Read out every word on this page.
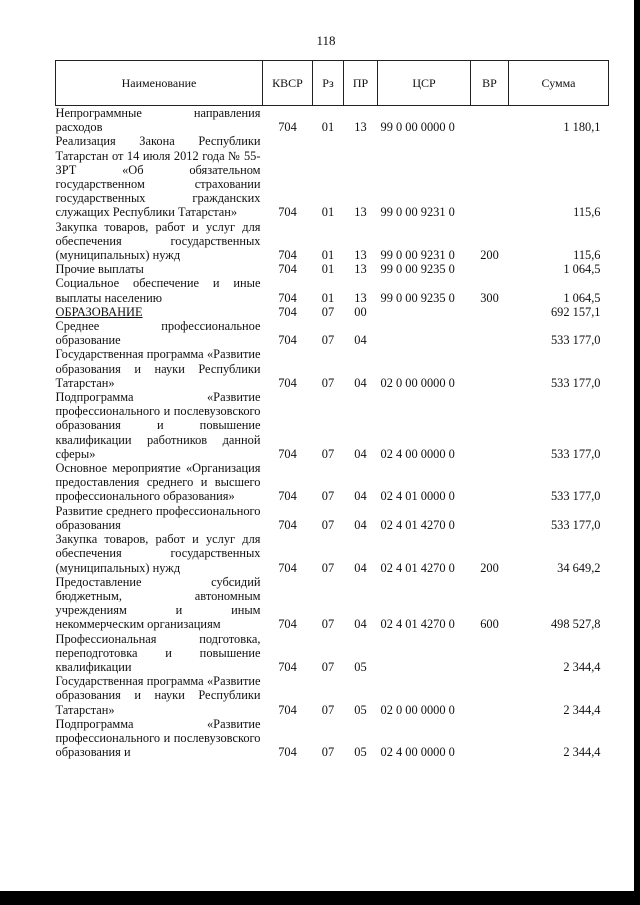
118
Наименование	КВСР	Рз	ПР	ЦСР	ВР	Сумма
Непрограммные направления расходов	704	01	13	99 0 00 0000 0		1 180,1
Реализация Закона Республики Татарстан от 14 июля 2012 года № 55-ЗРТ «Об обязательном государственном страховании государственных гражданских служащих Республики Татарстан»	704	01	13	99 0 00 9231 0		115,6
Закупка товаров, работ и услуг для обеспечения государственных (муниципальных) нужд	704	01	13	99 0 00 9231 0	200	115,6
Прочие выплаты	704	01	13	99 0 00 9235 0		1 064,5
Социальное обеспечение и иные выплаты населению	704	01	13	99 0 00 9235 0	300	1 064,5
ОБРАЗОВАНИЕ	704	07	00			692 157,1
Среднее профессиональное образование	704	07	04			533 177,0
Государственная программа «Развитие образования и науки Республики Татарстан»	704	07	04	02 0 00 0000 0		533 177,0
Подпрограмма «Развитие профессионального и послевузовского образования и повышение квалификации работников данной сферы»	704	07	04	02 4 00 0000 0		533 177,0
Основное мероприятие «Организация предоставления среднего и высшего профессионального образования»	704	07	04	02 4 01 0000 0		533 177,0
Развитие среднего профессионального образования	704	07	04	02 4 01 4270 0		533 177,0
Закупка товаров, работ и услуг для обеспечения государственных (муниципальных) нужд	704	07	04	02 4 01 4270 0	200	34 649,2
Предоставление субсидий бюджетным, автономным учреждениям и иным некоммерческим организациям	704	07	04	02 4 01 4270 0	600	498 527,8
Профессиональная подготовка, переподготовка и повышение квалификации	704	07	05			2 344,4
Государственная программа «Развитие образования и науки Республики Татарстан»	704	07	05	02 0 00 0000 0		2 344,4
Подпрограмма «Развитие профессионального и послевузовского образования и	704	07	05	02 4 00 0000 0		2 344,4
